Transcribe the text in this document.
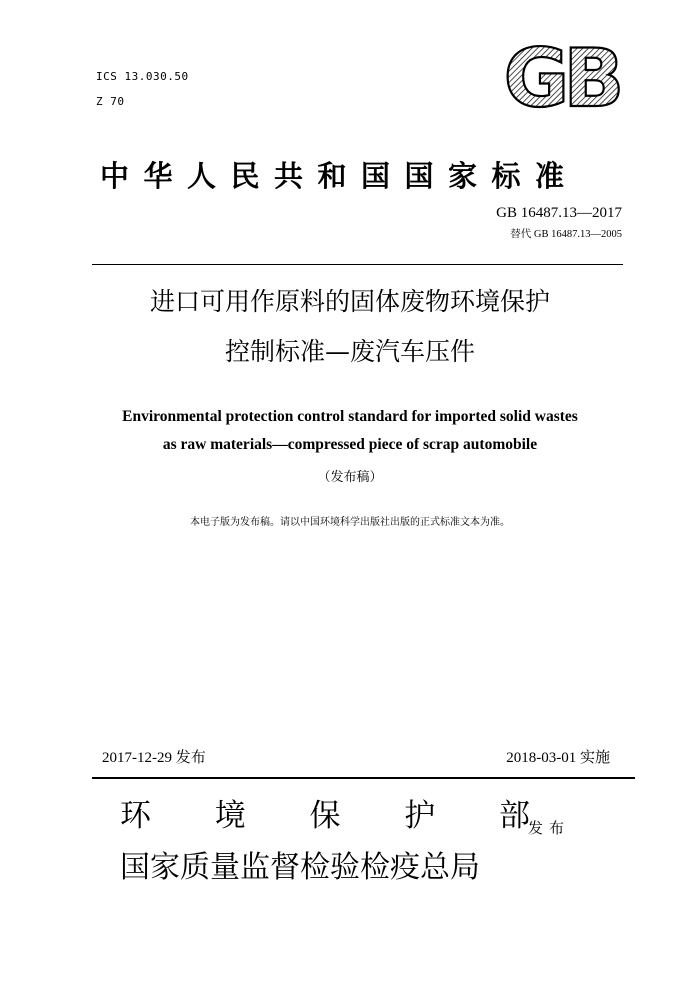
ICS 13.030.50
Z 70	GB
中华人民共和国国家标准
GB 16487.13—2017
替代 GB 16487.13—2005
进口可用作原料的固体废物环境保护
控制标准—废汽车压件
Environmental protection control standard for imported solid wastes
as raw materials—compressed piece of scrap automobile
（发布稿）
本电子版为发布稿。请以中国环境科学出版社出版的正式标准文本为准。
2017-12-29 发布	2018-03-01 实施
环 境 保 护 部
发布
国家质量监督检验检疫总局
